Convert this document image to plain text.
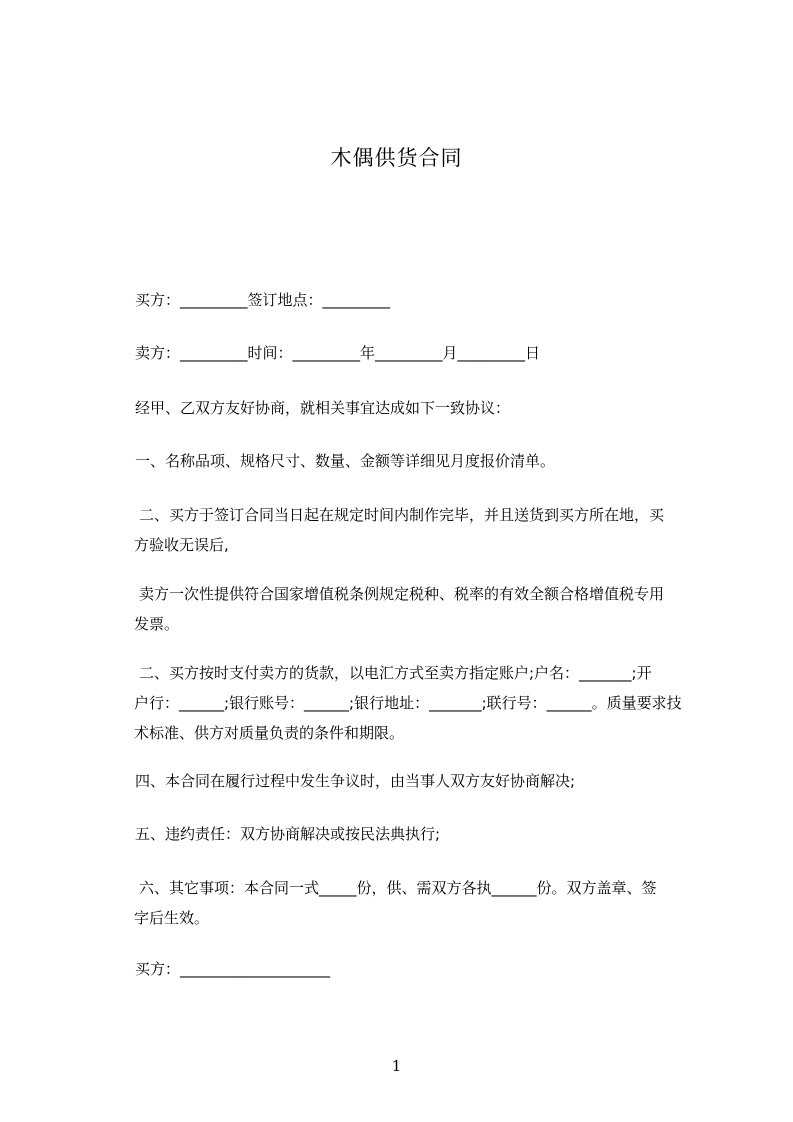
木偶供货合同

买方：_________签订地点：_________

卖方：_________时间：_________年_________月_________日

经甲、乙双方友好协商，就相关事宜达成如下一致协议：

一、名称品项、规格尺寸、数量、金额等详细见月度报价清单。

二、买方于签订合同当日起在规定时间内制作完毕，并且送货到买方所在地，买
方验收无误后,
卖方一次性提供符合国家增值税条例规定税种、税率的有效全额合格增值税专用
发票。
二、买方按时支付卖方的货款，以电汇方式至卖方指定账户;户名：_______;开
户行：______;银行账号：______;银行地址：_______;联行号：______。质量要求技
术标准、供方对质量负责的条件和期限。

四、本合同在履行过程中发生争议时，由当事人双方友好协商解决;

五、违约责任：双方协商解决或按民法典执行;

六、其它事项：本合同一式_____份，供、需双方各执______份。双方盖章、签
字后生效。

买方：____________________

1
